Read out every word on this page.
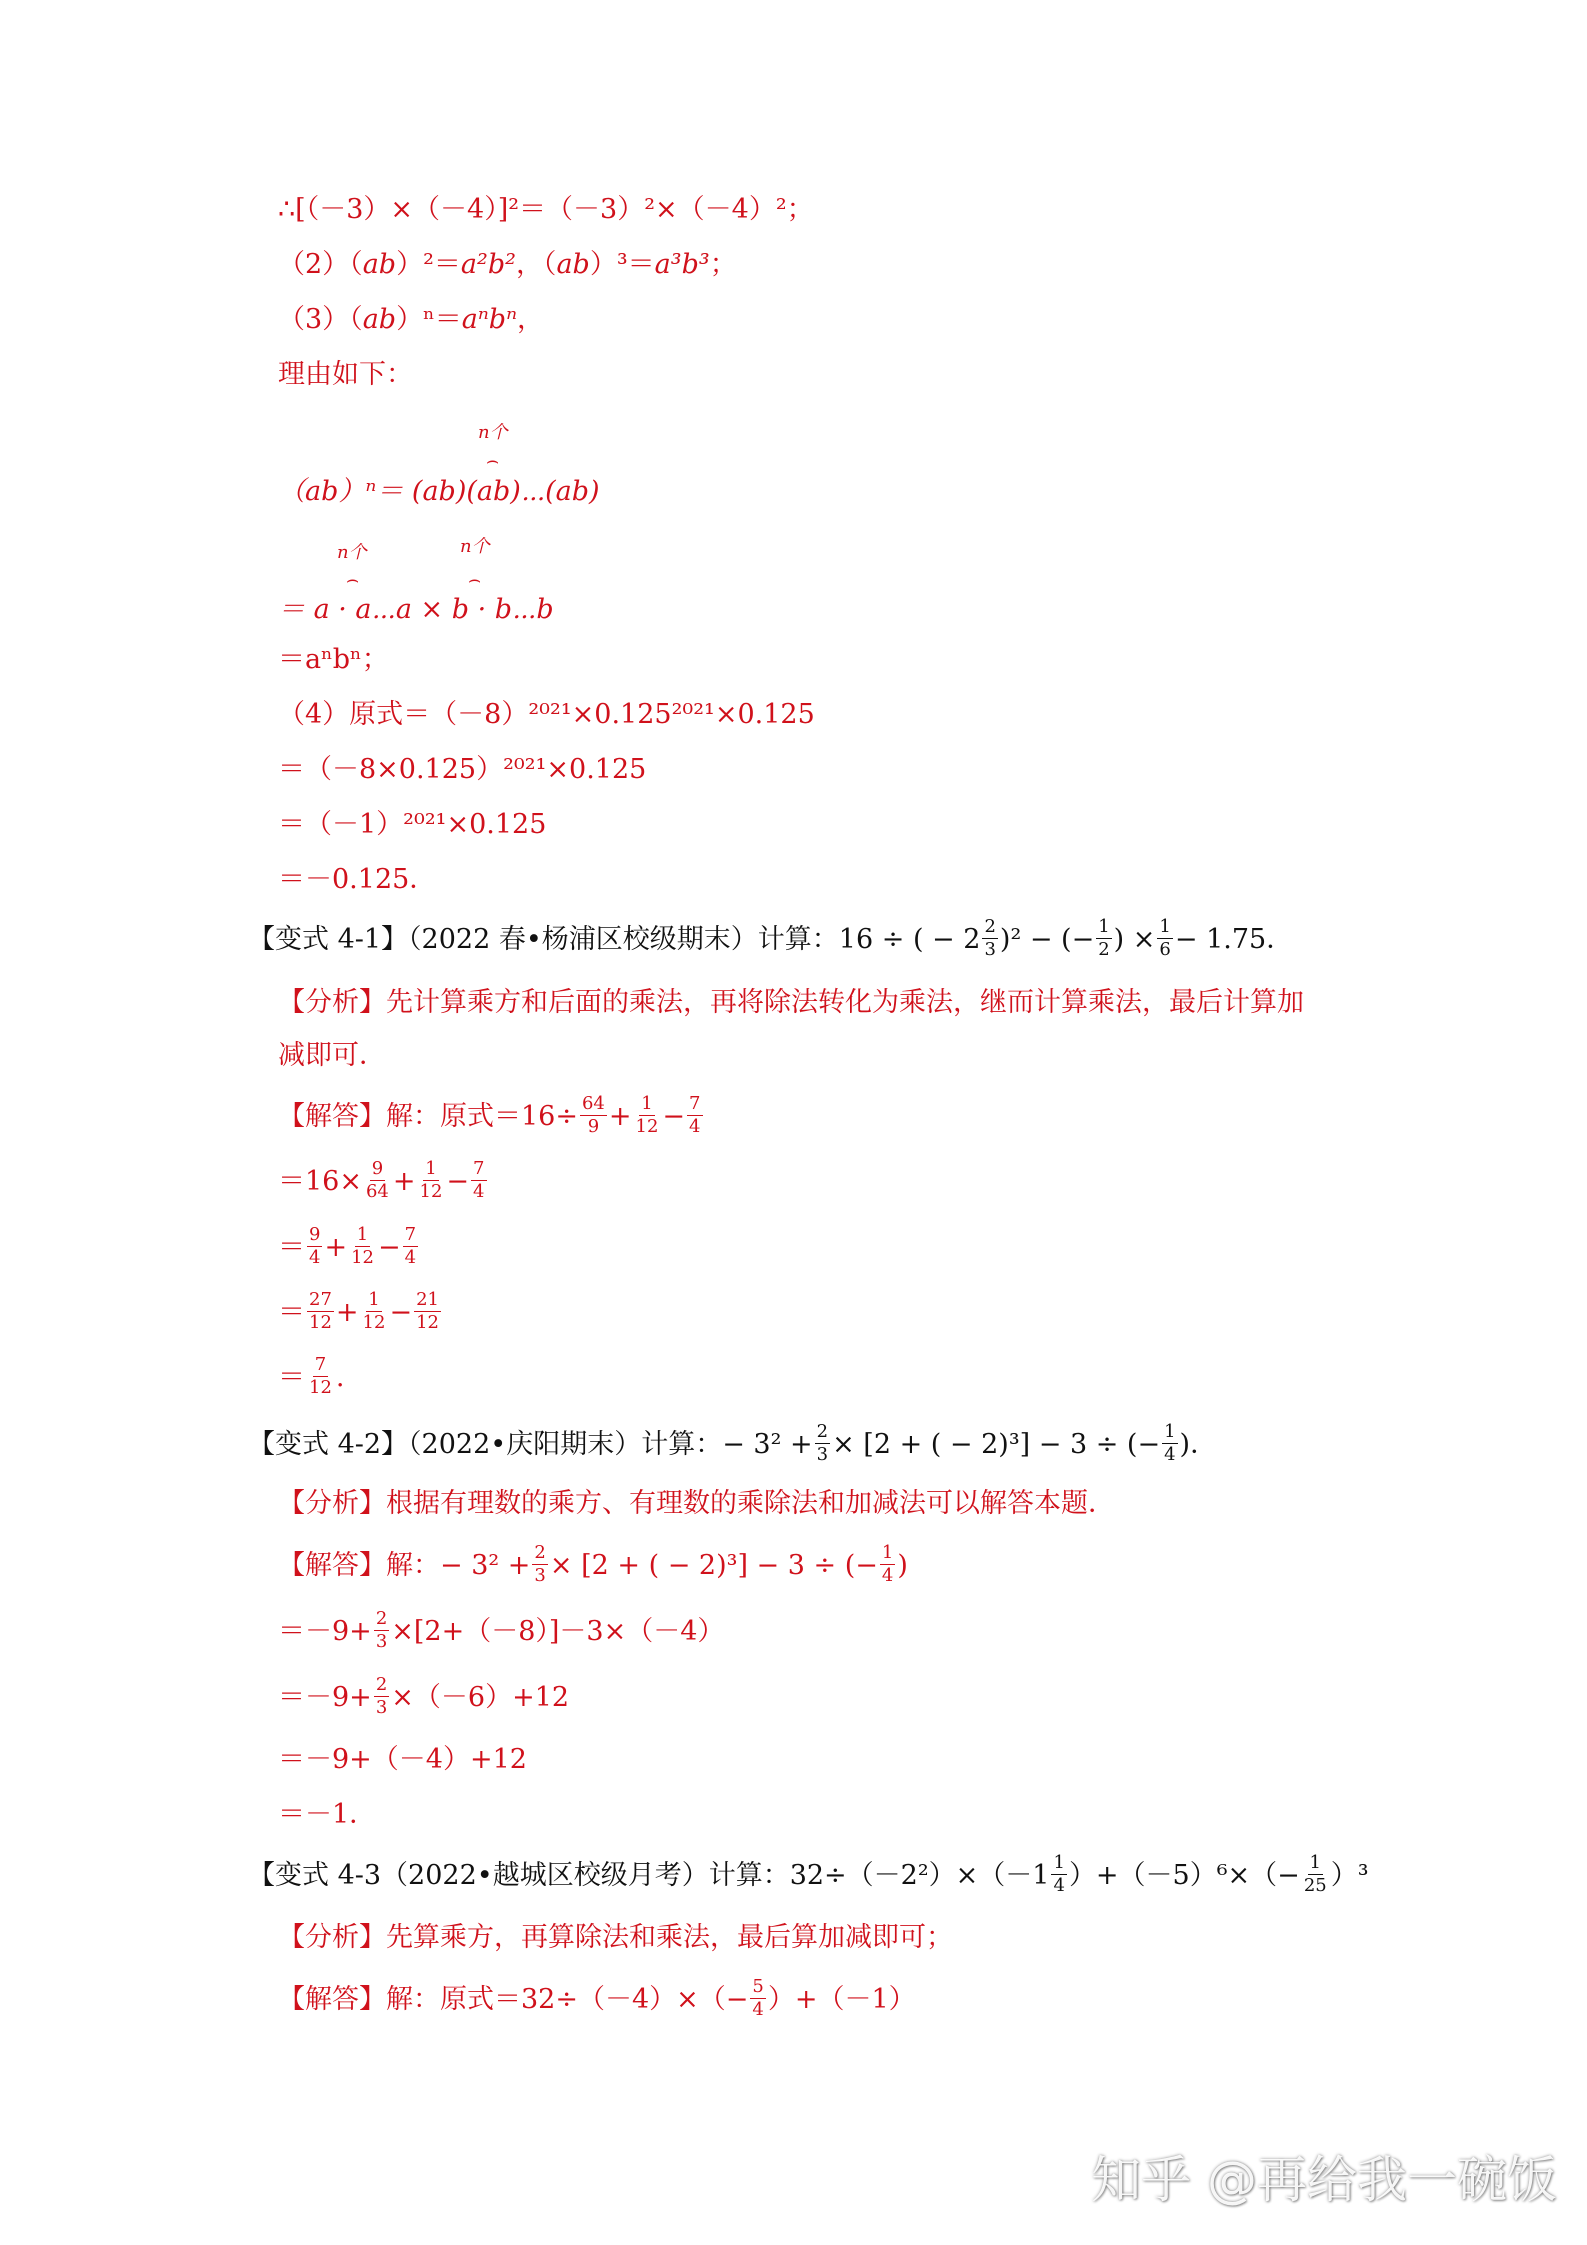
∴[（－3）×（－4）]²＝（－3）²×（－4）²；
（2）（ab）²＝a²b²，（ab）³＝a³b³；
（3）（ab）ⁿ＝aⁿbⁿ，
理由如下：
n个
⌢
（ab）ⁿ＝ (ab)(ab)⋯(ab)
n个	n个
⌢	⌢
＝ a · a⋯a × b · b⋯b
＝aⁿbⁿ；
（4）原式＝（－8）²⁰²¹×0.125²⁰²¹×0.125
＝（－8×0.125）²⁰²¹×0.125
＝（－1）²⁰²¹×0.125
＝－0.125．
【变式 4-1】（2022 春•杨浦区校级期末）计算：16 ÷ ( − $2 \frac{2}{3} )^2$ − (− $\frac{1}{2}$ ) × $\frac{1}{6} - 1.75$．
【分析】先计算乘方和后面的乘法，再将除法转化为乘法，继而计算乘法，最后计算加
减即可．
【解答】解：原式$=16\div \frac{64}{9} + \frac{1}{12} - \frac{7}{4}$
$=16\times \frac{9}{64} + \frac{1}{12} - \frac{7}{4}$
＝ $\frac{9}{4} + \frac{1}{12} - \frac{7}{4}$
＝ $\frac{27}{12} + \frac{1}{12} - \frac{21}{12}$
＝ $\frac{7}{12}$ .
【变式 4-2】（2022•庆阳期末）计算：− $3^2 + \frac{2}{3} \times [2$ + ( − 2)³] − 3 ÷ (− $\frac{1}{4}$ )．
【分析】根据有理数的乘方、有理数的乘除法和加减法可以解答本题．
【解答】解：− $3^2 + \frac{2}{3} \times [2$ + ( − 2)³] − 3 ÷ (− $\frac{1}{4}$ )
$=-9+ \frac{2}{3} \times[2+(-8)]-3\times(-4)$
$=-9+ \frac{2}{3} \times(-6)+12$
＝－9+（－4）+12
＝－1．
【变式 4-3（2022•越城区校级月考）计算：$32\div(-2^2)\times(-1 \frac{1}{4} )+(-5)^6\times(- \frac{1}{25} )^3$
【分析】先算乘方，再算除法和乘法，最后算加减即可；
【解答】解：原式$=32\div(-4)\times(- \frac{5}{4} )+(-1)$
知乎 @再给我一碗饭
